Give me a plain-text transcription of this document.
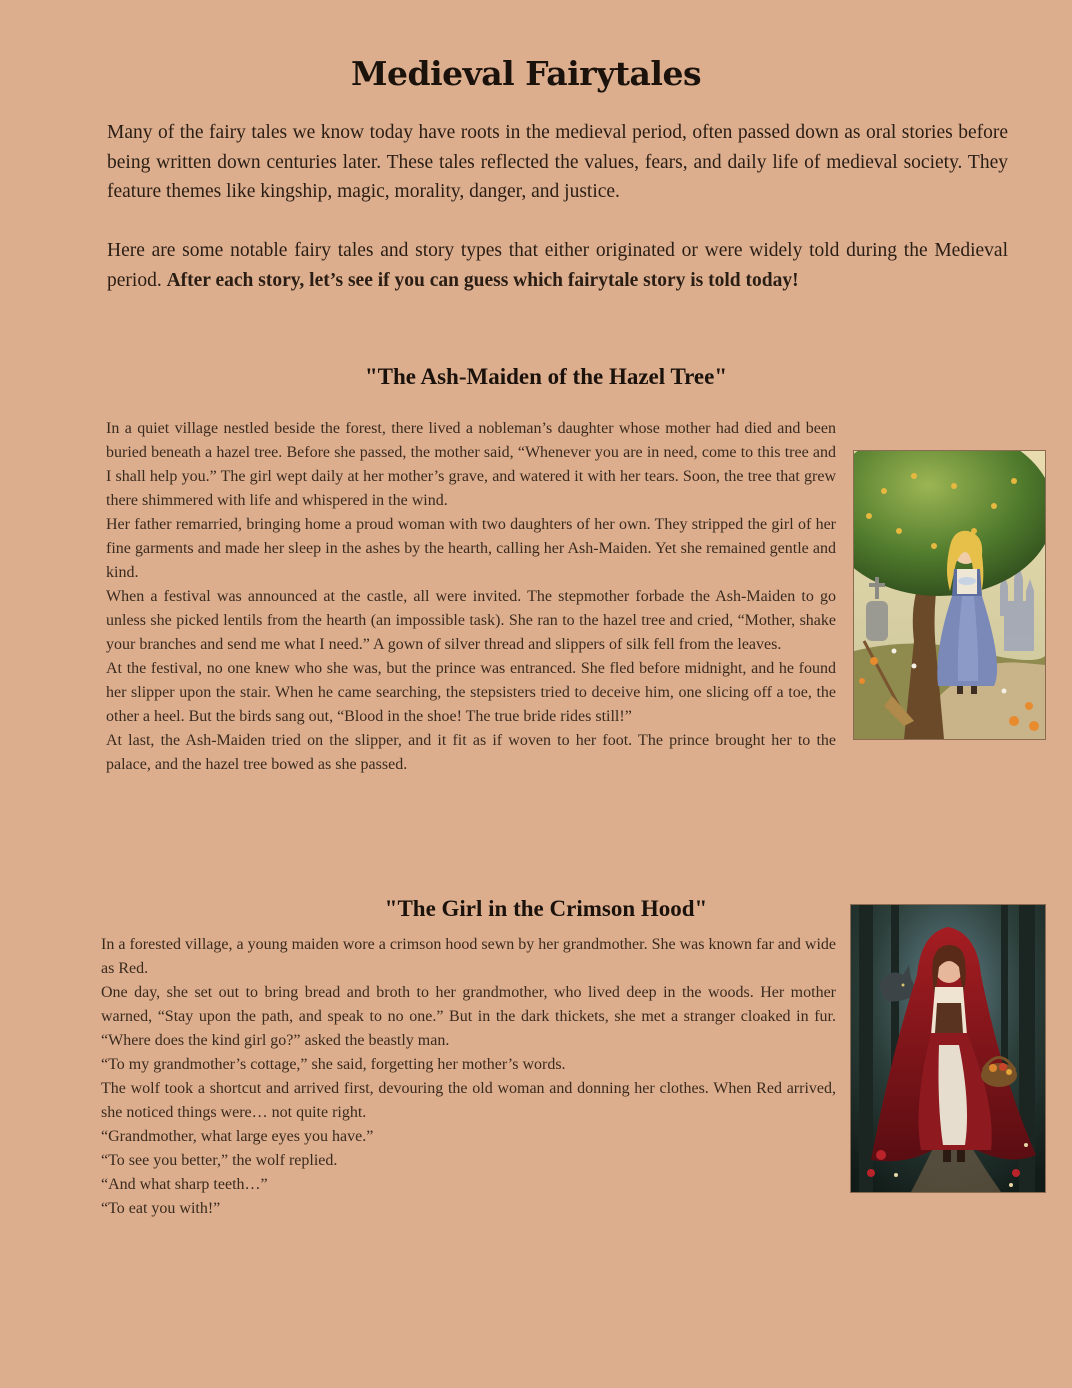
Medieval Fairytales

Many of the fairy tales we know today have roots in the medieval period, often passed down as oral stories before being written down centuries later. These tales reflected the values, fears, and daily life of medieval society. They feature themes like kingship, magic, morality, danger, and justice.

Here are some notable fairy tales and story types that either originated or were widely told during the Medieval period. After each story, let’s see if you can guess which fairytale story is told today!

"The Ash-Maiden of the Hazel Tree"

In a quiet village nestled beside the forest, there lived a nobleman’s daughter whose mother had died and been buried beneath a hazel tree. Before she passed, the mother said, “Whenever you are in need, come to this tree and I shall help you.” The girl wept daily at her mother’s grave, and watered it with her tears. Soon, the tree that grew there shimmered with life and whispered in the wind.

Her father remarried, bringing home a proud woman with two daughters of her own. They stripped the girl of her fine garments and made her sleep in the ashes by the hearth, calling her Ash-Maiden. Yet she remained gentle and kind.

When a festival was announced at the castle, all were invited. The stepmother forbade the Ash-Maiden to go unless she picked lentils from the hearth (an impossible task). She ran to the hazel tree and cried, “Mother, shake your branches and send me what I need.” A gown of silver thread and slippers of silk fell from the leaves.

At the festival, no one knew who she was, but the prince was entranced. She fled before midnight, and he found her slipper upon the stair. When he came searching, the stepsisters tried to deceive him, one slicing off a toe, the other a heel. But the birds sang out, “Blood in the shoe! The true bride rides still!”

At last, the Ash-Maiden tried on the slipper, and it fit as if woven to her foot. The prince brought her to the palace, and the hazel tree bowed as she passed.

"The Girl in the Crimson Hood"

In a forested village, a young maiden wore a crimson hood sewn by her grandmother. She was known far and wide as Red.

One day, she set out to bring bread and broth to her grandmother, who lived deep in the woods. Her mother warned, “Stay upon the path, and speak to no one.” But in the dark thickets, she met a stranger cloaked in fur. “Where does the kind girl go?” asked the beastly man.

“To my grandmother’s cottage,” she said, forgetting her mother’s words.

The wolf took a shortcut and arrived first, devouring the old woman and donning her clothes. When Red arrived, she noticed things were… not quite right.

“Grandmother, what large eyes you have.”

“To see you better,” the wolf replied.

“And what sharp teeth…”

“To eat you with!”
